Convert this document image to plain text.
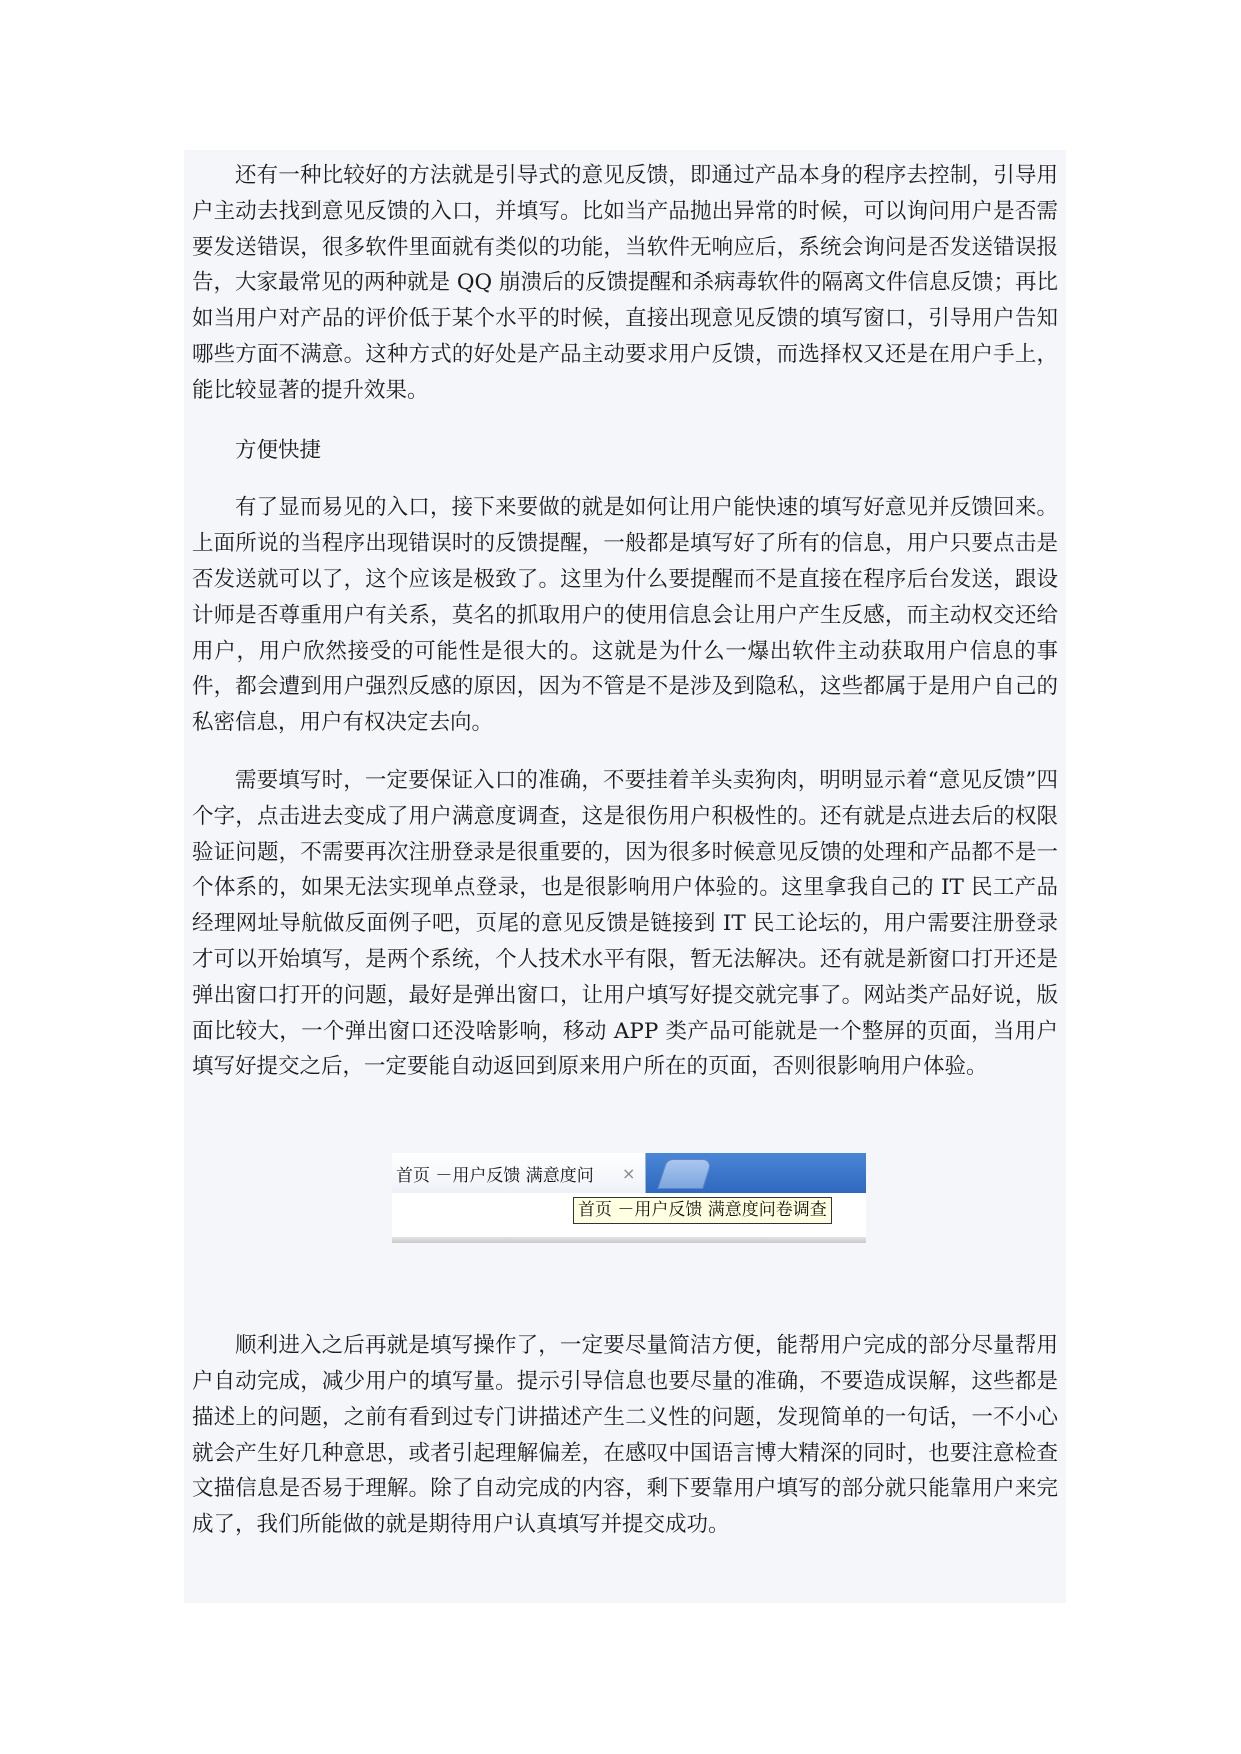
还有一种比较好的方法就是引导式的意见反馈，即通过产品本身的程序去控制，引导用户主动去找到意见反馈的入口，并填写。比如当产品抛出异常的时候，可以询问用户是否需要发送错误，很多软件里面就有类似的功能，当软件无响应后，系统会询问是否发送错误报告，大家最常见的两种就是 QQ 崩溃后的反馈提醒和杀病毒软件的隔离文件信息反馈；再比如当用户对产品的评价低于某个水平的时候，直接出现意见反馈的填写窗口，引导用户告知哪些方面不满意。这种方式的好处是产品主动要求用户反馈，而选择权又还是在用户手上，能比较显著的提升效果。

方便快捷

有了显而易见的入口，接下来要做的就是如何让用户能快速的填写好意见并反馈回来。上面所说的当程序出现错误时的反馈提醒，一般都是填写好了所有的信息，用户只要点击是否发送就可以了，这个应该是极致了。这里为什么要提醒而不是直接在程序后台发送，跟设计师是否尊重用户有关系，莫名的抓取用户的使用信息会让用户产生反感，而主动权交还给用户，用户欣然接受的可能性是很大的。这就是为什么一爆出软件主动获取用户信息的事件，都会遭到用户强烈反感的原因，因为不管是不是涉及到隐私，这些都属于是用户自己的私密信息，用户有权决定去向。

需要填写时，一定要保证入口的准确，不要挂着羊头卖狗肉，明明显示着“意见反馈”四个字，点击进去变成了用户满意度调查，这是很伤用户积极性的。还有就是点进去后的权限验证问题，不需要再次注册登录是很重要的，因为很多时候意见反馈的处理和产品都不是一个体系的，如果无法实现单点登录，也是很影响用户体验的。这里拿我自己的 IT 民工产品经理网址导航做反面例子吧，页尾的意见反馈是链接到 IT 民工论坛的，用户需要注册登录才可以开始填写，是两个系统，个人技术水平有限，暂无法解决。还有就是新窗口打开还是弹出窗口打开的问题，最好是弹出窗口，让用户填写好提交就完事了。网站类产品好说，版面比较大，一个弹出窗口还没啥影响，移动 APP 类产品可能就是一个整屏的页面，当用户填写好提交之后，一定要能自动返回到原来用户所在的页面，否则很影响用户体验。

首页 －用户反馈 满意度问	×
首页 －用户反馈 满意度问卷调查

顺利进入之后再就是填写操作了，一定要尽量简洁方便，能帮用户完成的部分尽量帮用户自动完成，减少用户的填写量。提示引导信息也要尽量的准确，不要造成误解，这些都是描述上的问题，之前有看到过专门讲描述产生二义性的问题，发现简单的一句话，一不小心就会产生好几种意思，或者引起理解偏差，在感叹中国语言博大精深的同时，也要注意检查文描信息是否易于理解。除了自动完成的内容，剩下要靠用户填写的部分就只能靠用户来完成了，我们所能做的就是期待用户认真填写并提交成功。
